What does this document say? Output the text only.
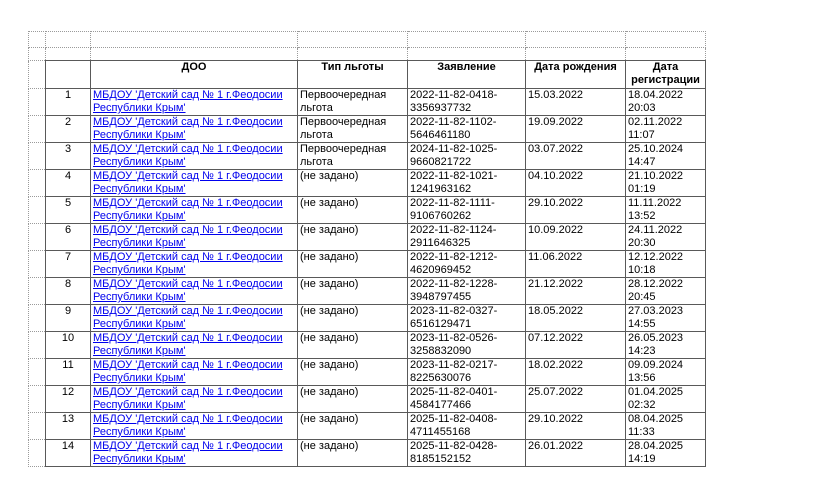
		ДОО	Тип льготы	Заявление	Дата рождения	Дата регистрации
	1	МБДОУ 'Детский сад № 1 г.Феодосии Республики Крым'	Первоочередная льгота	2022-11-82-0418-3356937732	15.03.2022	18.04.2022 20:03
	2	МБДОУ 'Детский сад № 1 г.Феодосии Республики Крым'	Первоочередная льгота	2022-11-82-1102-5646461180	19.09.2022	02.11.2022 11:07
	3	МБДОУ 'Детский сад № 1 г.Феодосии Республики Крым'	Первоочередная льгота	2024-11-82-1025-9660821722	03.07.2022	25.10.2024 14:47
	4	МБДОУ 'Детский сад № 1 г.Феодосии Республики Крым'	(не задано)	2022-11-82-1021-1241963162	04.10.2022	21.10.2022 01:19
	5	МБДОУ 'Детский сад № 1 г.Феодосии Республики Крым'	(не задано)	2022-11-82-1111-9106760262	29.10.2022	11.11.2022 13:52
	6	МБДОУ 'Детский сад № 1 г.Феодосии Республики Крым'	(не задано)	2022-11-82-1124-2911646325	10.09.2022	24.11.2022 20:30
	7	МБДОУ 'Детский сад № 1 г.Феодосии Республики Крым'	(не задано)	2022-11-82-1212-4620969452	11.06.2022	12.12.2022 10:18
	8	МБДОУ 'Детский сад № 1 г.Феодосии Республики Крым'	(не задано)	2022-11-82-1228-3948797455	21.12.2022	28.12.2022 20:45
	9	МБДОУ 'Детский сад № 1 г.Феодосии Республики Крым'	(не задано)	2023-11-82-0327-6516129471	18.05.2022	27.03.2023 14:55
	10	МБДОУ 'Детский сад № 1 г.Феодосии Республики Крым'	(не задано)	2023-11-82-0526-3258832090	07.12.2022	26.05.2023 14:23
	11	МБДОУ 'Детский сад № 1 г.Феодосии Республики Крым'	(не задано)	2023-11-82-0217-8225630076	18.02.2022	09.09.2024 13:56
	12	МБДОУ 'Детский сад № 1 г.Феодосии Республики Крым'	(не задано)	2025-11-82-0401-4584177466	25.07.2022	01.04.2025 02:32
	13	МБДОУ 'Детский сад № 1 г.Феодосии Республики Крым'	(не задано)	2025-11-82-0408-4711455168	29.10.2022	08.04.2025 11:33
	14	МБДОУ 'Детский сад № 1 г.Феодосии Республики Крым'	(не задано)	2025-11-82-0428-8185152152	26.01.2022	28.04.2025 14:19
